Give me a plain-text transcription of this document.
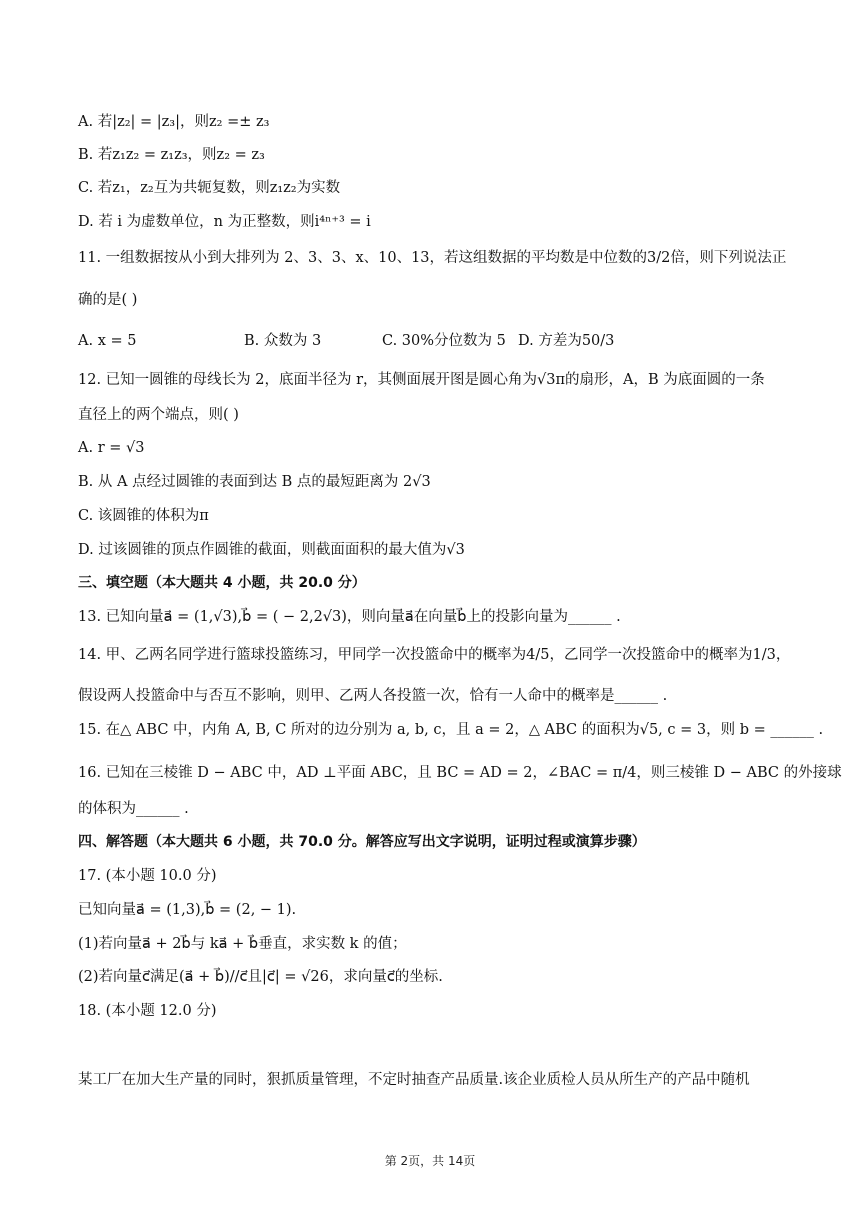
A. 若|z₂| = |z₃|，则z₂ =± z₃
B. 若z₁z₂ = z₁z₃，则z₂ = z₃
C. 若z₁，z₂互为共轭复数，则z₁z₂为实数
D. 若 i 为虚数单位，n 为正整数，则i⁴ⁿ⁺³ = i
11. 一组数据按从小到大排列为 2、3、3、x、10、13，若这组数据的平均数是中位数的3/2倍，则下列说法正
确的是( )
A. x = 5	B. 众数为 3	C. 30%分位数为 5 D. 方差为50/3
12. 已知一圆锥的母线长为 2，底面半径为 r，其侧面展开图是圆心角为√3π的扇形，A，B 为底面圆的一条
直径上的两个端点，则( )
A. r = √3
B. 从 A 点经过圆锥的表面到达 B 点的最短距离为 2√3
C. 该圆锥的体积为π
D. 过该圆锥的顶点作圆锥的截面，则截面面积的最大值为√3
三、填空题（本大题共 4 小题，共 20.0 分）
13. 已知向量a⃗ = (1,√3),b⃗ = ( − 2,2√3)，则向量a⃗在向量b⃗上的投影向量为______ .
14. 甲、乙两名同学进行篮球投篮练习，甲同学一次投篮命中的概率为4/5，乙同学一次投篮命中的概率为1/3，
假设两人投篮命中与否互不影响，则甲、乙两人各投篮一次，恰有一人命中的概率是______ .
15. 在△ ABC 中，内角 A, B, C 所对的边分别为 a, b, c，且 a = 2，△ ABC 的面积为√5, c = 3，则 b = ______ .
16. 已知在三棱锥 D − ABC 中，AD ⊥平面 ABC，且 BC = AD = 2，∠BAC = π/4，则三棱锥 D − ABC 的外接球
的体积为______ .
四、解答题（本大题共 6 小题，共 70.0 分。解答应写出文字说明，证明过程或演算步骤）
17. (本小题 10.0 分)
已知向量a⃗ = (1,3),b⃗ = (2, − 1).
(1)若向量a⃗ + 2b⃗与 ka⃗ + b⃗垂直，求实数 k 的值；
(2)若向量c⃗满足(a⃗ + b⃗)//c⃗且|c⃗| = √26，求向量c⃗的坐标.
18. (本小题 12.0 分)
某工厂在加大生产量的同时，狠抓质量管理，不定时抽查产品质量.该企业质检人员从所生产的产品中随机
第 2页，共 14页
